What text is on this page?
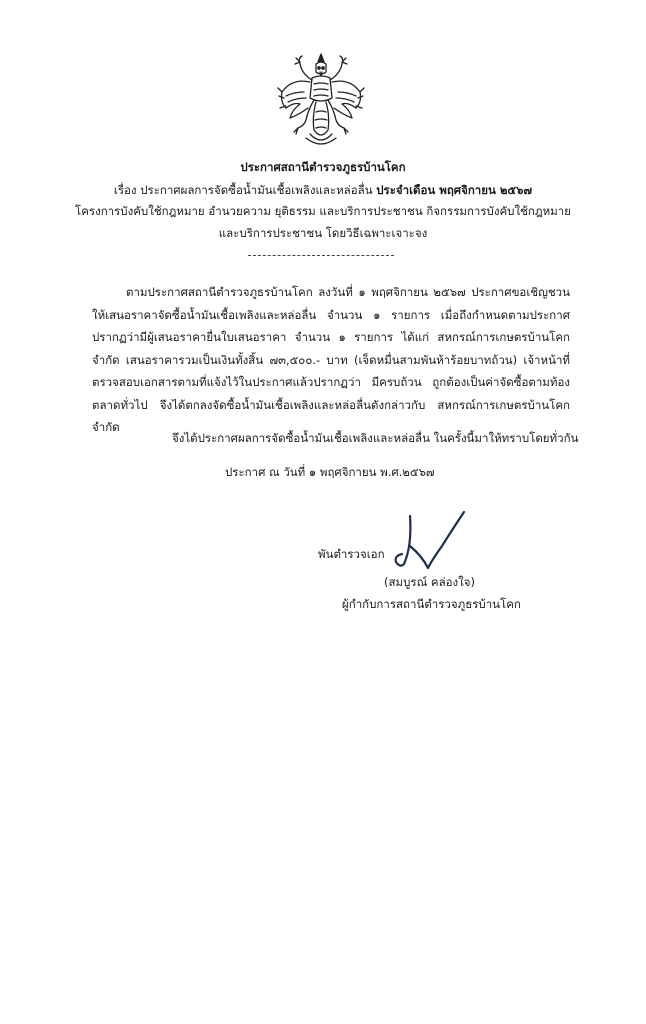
ประกาศสถานีตำรวจภูธรบ้านโคก
เรื่อง ประกาศผลการจัดซื้อน้ำมันเชื้อเพลิงและหล่อลื่น ประจำเดือน พฤศจิกายน ๒๕๖๗
โครงการบังคับใช้กฎหมาย อำนวยความ ยุติธรรม และบริการประชาชน กิจกรรมการบังคับใช้กฎหมาย
และบริการประชาชน โดยวิธีเฉพาะเจาะจง
ตามประกาศสถานีตำรวจภูธรบ้านโคก ลงวันที่ ๑ พฤศจิกายน ๒๕๖๗ ประกาศขอเชิญชวนให้เสนอราคาจัดซื้อน้ำมันเชื้อเพลิงและหล่อลื่น จำนวน ๑ รายการ เมื่อถึงกำหนดตามประกาศ ปรากฏว่ามีผู้เสนอราคายื่นใบเสนอราคา จำนวน ๑ รายการ ได้แก่ สหกรณ์การเกษตรบ้านโคก จำกัด เสนอราคารวมเป็นเงินทั้งสิ้น ๗๓,๕๐๐.- บาท (เจ็ดหมื่นสามพันห้าร้อยบาทถ้วน) เจ้าหน้าที่ตรวจสอบเอกสารตามที่แจ้งไว้ในประกาศแล้วปรากฏว่า มีครบถ้วน ถูกต้องเป็นค่าจัดซื้อตามท้องตลาดทั่วไป จึงได้ตกลงจัดซื้อน้ำมันเชื้อเพลิงและหล่อลื่นดังกล่าวกับ สหกรณ์การเกษตรบ้านโคก จำกัด
จึงได้ประกาศผลการจัดซื้อน้ำมันเชื้อเพลิงและหล่อลื่น ในครั้งนี้มาให้ทราบโดยทั่วกัน
ประกาศ ณ วันที่ ๑ พฤศจิกายน พ.ศ.๒๕๖๗
พันตำรวจเอก
(สมบูรณ์ คล่องใจ)
ผู้กำกับการสถานีตำรวจภูธรบ้านโคก
